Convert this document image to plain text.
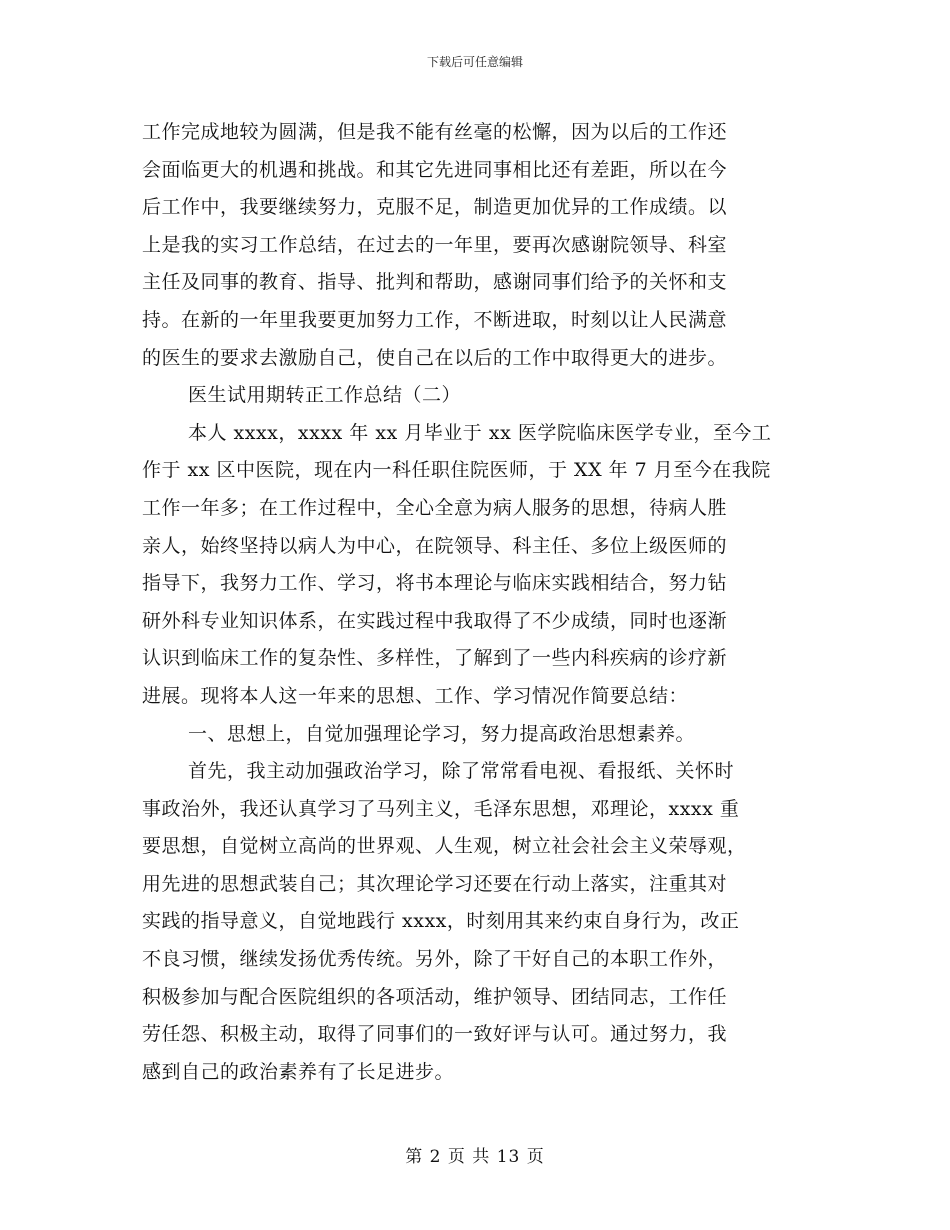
下载后可任意编辑
工作完成地较为圆满，但是我不能有丝毫的松懈，因为以后的工作还
会面临更大的机遇和挑战。和其它先进同事相比还有差距，所以在今
后工作中，我要继续努力，克服不足，制造更加优异的工作成绩。以
上是我的实习工作总结，在过去的一年里，要再次感谢院领导、科室
主任及同事的教育、指导、批判和帮助，感谢同事们给予的关怀和支
持。在新的一年里我要更加努力工作，不断进取，时刻以让人民满意
的医生的要求去激励自己，使自己在以后的工作中取得更大的进步。
医生试用期转正工作总结（二）
本人 xxxx，xxxx 年 xx 月毕业于 xx 医学院临床医学专业，至今工
作于 xx 区中医院，现在内一科任职住院医师，于 XX 年 7 月至今在我院
工作一年多；在工作过程中，全心全意为病人服务的思想，待病人胜
亲人，始终坚持以病人为中心，在院领导、科主任、多位上级医师的
指导下，我努力工作、学习，将书本理论与临床实践相结合，努力钻
研外科专业知识体系，在实践过程中我取得了不少成绩，同时也逐渐
认识到临床工作的复杂性、多样性，了解到了一些内科疾病的诊疗新
进展。现将本人这一年来的思想、工作、学习情况作简要总结：
一、思想上，自觉加强理论学习，努力提高政治思想素养。
首先，我主动加强政治学习，除了常常看电视、看报纸、关怀时
事政治外，我还认真学习了马列主义，毛泽东思想，邓理论，xxxx 重
要思想，自觉树立高尚的世界观、人生观，树立社会社会主义荣辱观，
用先进的思想武装自己；其次理论学习还要在行动上落实，注重其对
实践的指导意义，自觉地践行 xxxx，时刻用其来约束自身行为，改正
不良习惯，继续发扬优秀传统。另外，除了干好自己的本职工作外，
积极参加与配合医院组织的各项活动，维护领导、团结同志，工作任
劳任怨、积极主动，取得了同事们的一致好评与认可。通过努力，我
感到自己的政治素养有了长足进步。
第 2 页 共 13 页
